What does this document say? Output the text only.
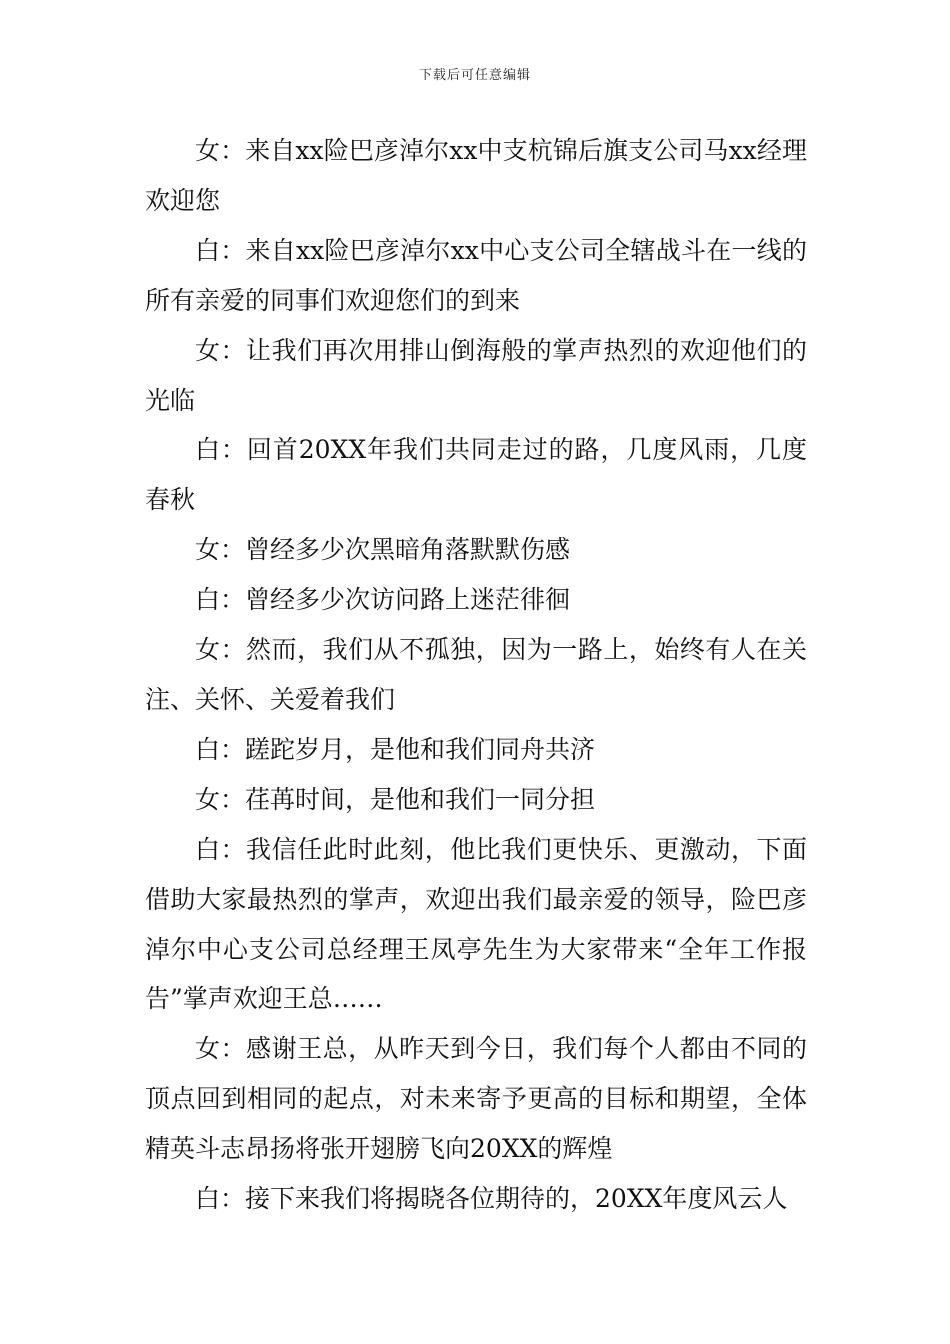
下载后可任意编辑

女：来自xx险巴彦淖尔xx中支杭锦后旗支公司马xx经理欢迎您

白：来自xx险巴彦淖尔xx中心支公司全辖战斗在一线的所有亲爱的同事们欢迎您们的到来

女：让我们再次用排山倒海般的掌声热烈的欢迎他们的光临

白：回首20XX年我们共同走过的路，几度风雨，几度春秋

女：曾经多少次黑暗角落默默伤感

白：曾经多少次访问路上迷茫徘徊

女：然而，我们从不孤独，因为一路上，始终有人在关注、关怀、关爱着我们

白：蹉跎岁月，是他和我们同舟共济

女：荏苒时间，是他和我们一同分担

白：我信任此时此刻，他比我们更快乐、更激动，下面借助大家最热烈的掌声，欢迎出我们最亲爱的领导，险巴彦淖尔中心支公司总经理王凤亭先生为大家带来“全年工作报告”掌声欢迎王总……

女：感谢王总，从昨天到今日，我们每个人都由不同的顶点回到相同的起点，对未来寄予更高的目标和期望，全体精英斗志昂扬将张开翅膀飞向20XX的辉煌

白：接下来我们将揭晓各位期待的，20XX年度风云人
